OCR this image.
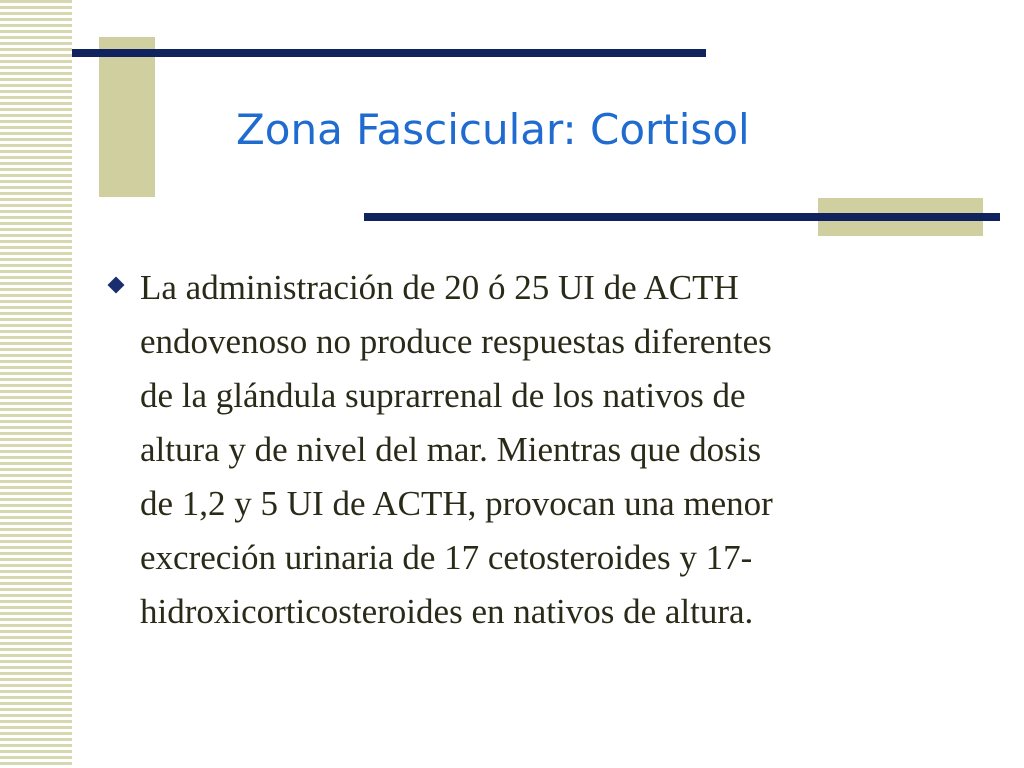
Zona Fascicular: Cortisol
La administración de 20 ó 25 UI de ACTH
endovenoso no produce respuestas diferentes
de la glándula suprarrenal de los nativos de
altura y de nivel del mar. Mientras que dosis
de 1,2 y 5 UI de ACTH, provocan una menor
excreción urinaria de 17 cetosteroides y 17-
hidroxicorticosteroides en nativos de altura.
